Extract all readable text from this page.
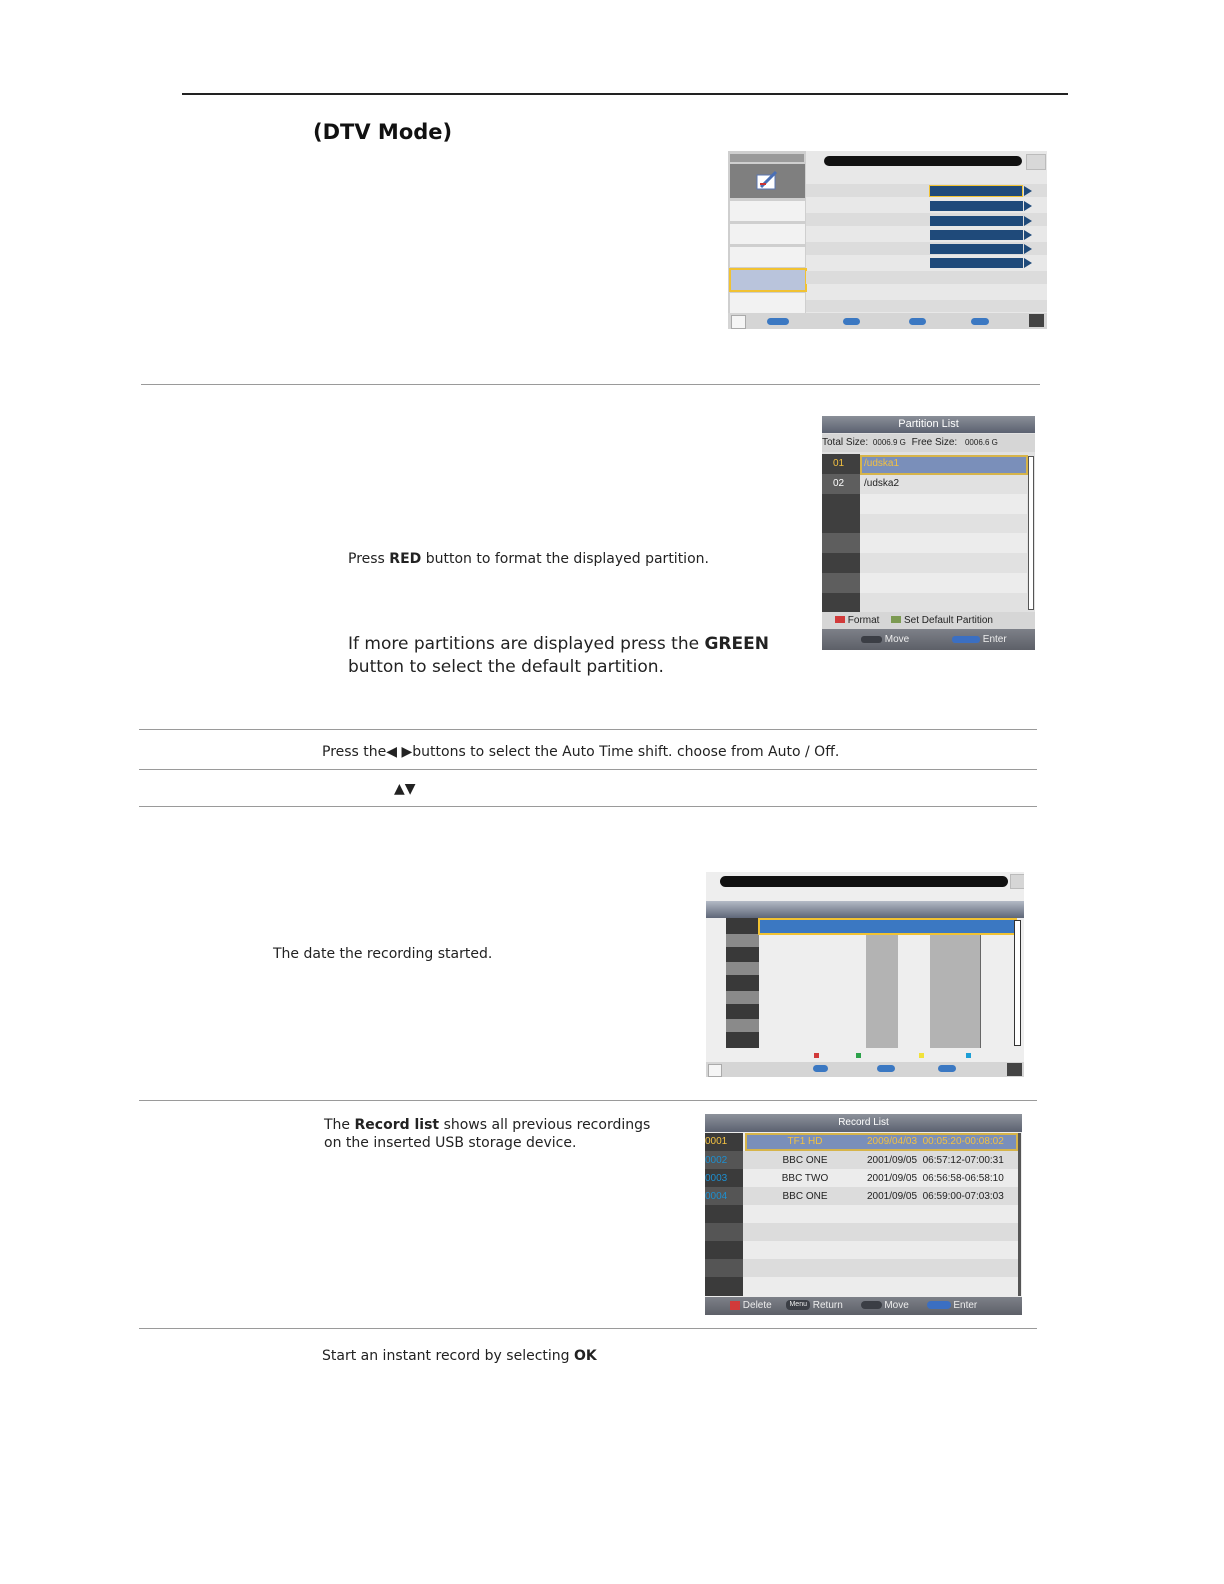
(DTV Mode)
Press RED button to format the displayed partition.
If more partitions are displayed press the GREEN
button to select the default partition.
Partition List
Total Size: 0006.9 G Free Size: 0006.6 G
01 /udska1
02 /udska2
Format Set Default Partition
Move	Enter
Press the◀ ▶buttons to select the Auto Time shift. choose from Auto / Off.
▲▼
The date the recording started.
The Record list shows all previous recordings
on the inserted USB storage device.
Record List
0001	TF1 HD	2009/04/03  00:05:20-00:08:02
0002	BBC ONE	2001/09/05  06:57:12-07:00:31
0003	BBC TWO	2001/09/05  06:56:58-06:58:10
0004	BBC ONE	2001/09/05  06:59:00-07:03:03
Delete	Menu Return	Move	Enter
Start an instant record by selecting OK
